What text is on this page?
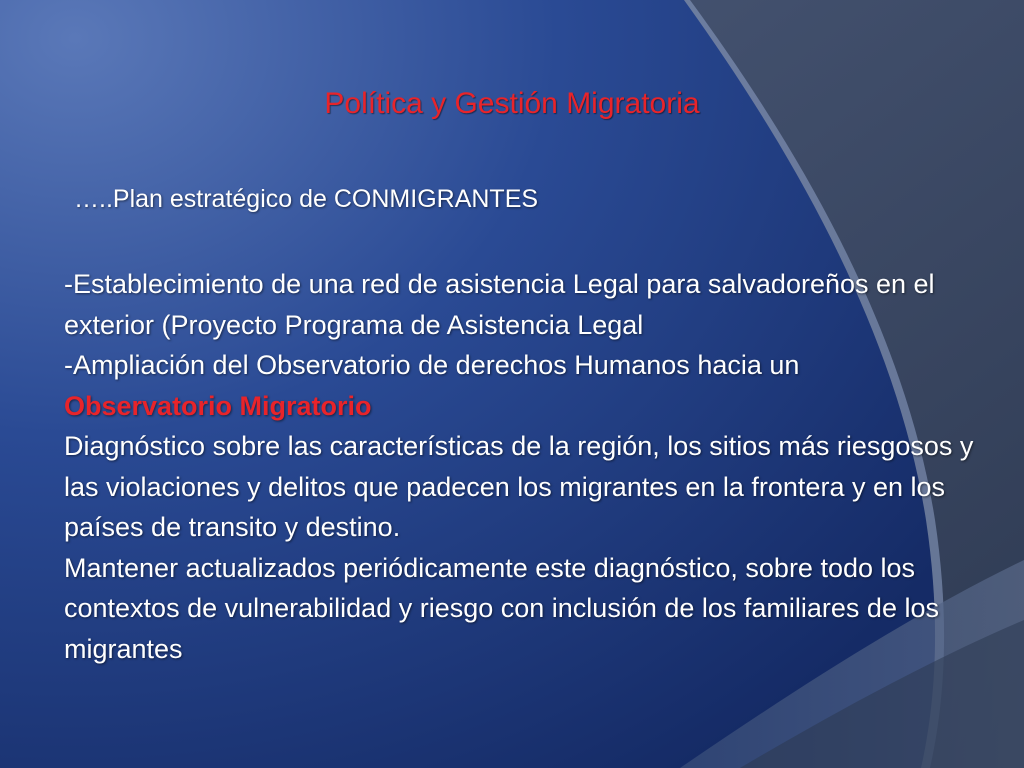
Política y Gestión Migratoria
…..Plan estratégico de CONMIGRANTES

-Establecimiento de una red de asistencia Legal para salvadoreños en el exterior (Proyecto Programa de Asistencia Legal

-Ampliación del Observatorio de derechos Humanos hacia un
Observatorio Migratorio

Diagnóstico sobre las características de la región, los sitios más riesgosos y las violaciones y delitos que padecen los migrantes en la frontera y en los países de transito y destino.

Mantener actualizados periódicamente este diagnóstico, sobre todo los contextos de vulnerabilidad y riesgo con inclusión de los familiares de los migrantes
